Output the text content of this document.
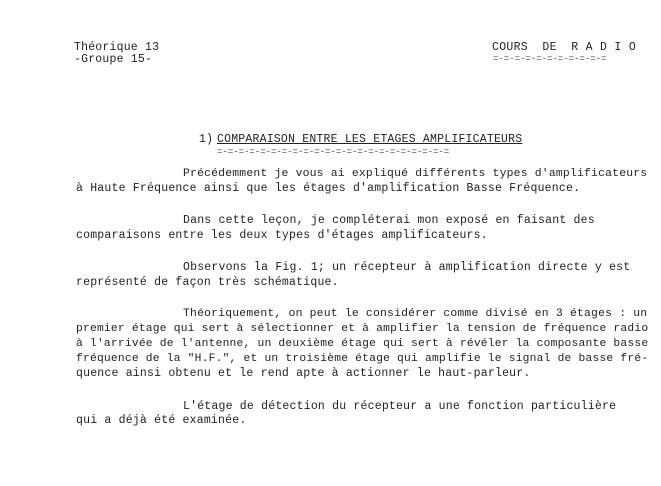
Théorique 13
-Groupe 15-
COURS  DE  R A D I O
=-=-=-=-=-=-=-=-=-=-=
1) COMPARAISON ENTRE LES ETAGES AMPLIFICATEURS
=-=-=-=-=-=-=-=-=-=-=-=-=-=-=-=-=-=-=-=-=-=
Précédemment je vous ai expliqué différents types d'amplificateurs
à Haute Fréquence ainsi que les étages d'amplification Basse Fréquence.
Dans cette leçon, je compléterai mon exposé en faisant des
comparaisons entre les deux types d'étages amplificateurs.
Observons la Fig. 1; un récepteur à amplification directe y est
représenté de façon très schématique.
Théoriquement, on peut le considérer comme divisé en 3 étages : un
premier étage qui sert à sélectionner et à amplifier la tension de fréquence radio
à l'arrivée de l'antenne, un deuxième étage qui sert à révéler la composante basse
fréquence de la "H.F.", et un troisième étage qui amplifie le signal de basse fré-
quence ainsi obtenu et le rend apte à actionner le haut-parleur.
L'étage de détection du récepteur a une fonction particulière
qui a déjà été examinée.
